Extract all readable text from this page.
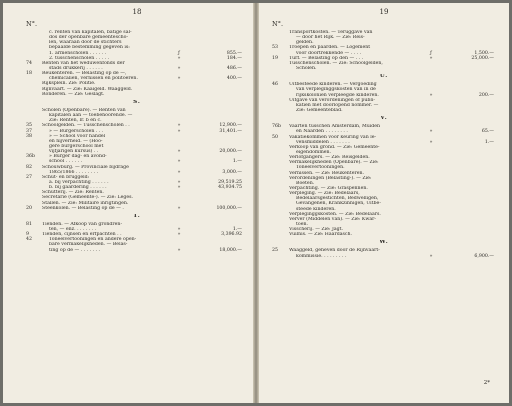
18
N°.
c. renten van kapitalen, batige sal-
dos der openbare gemeentescho-
len, waaraan door de stichters
bepaalde bestemming gegeven is:
1. armenscholen . . . . . .	ƒ	855.—
2. tusschenscholen . . . . .	»	184.—
74	Renten van het weduwenfonds der
stads drukkerij . . . . . .	»	486.—
18	Reukenteren. — Belasting op de —,
chemicaliën, vernissen en politoeren.	»	400.—
Rijksplein. Zie: Politie.
Rijnvaart. — Zie: Kaaigeld. Waaggeld.
Ronderen. — Zie: Geslagt.
S.
Scholen (Openbare). — Renten van
kapitalen aan — toebehoorende. —
Zie: Renten, lr. b en c.
35	Schoolgelden. — Tusschenscholen . .	»	12,900.—
37	» — Burgerscholen . . .	»	31,401.—
38	» — School voor handel
en nijverheid. — (Hoo-
gere burgerschool met
vijfjarigen kursus) . .	»	20,000.—
36b	» Burger dag- en avond-
school . . . . . .	»	1.—
82	Schouwburg. — Provinciale bijdrage
1865/1866 . . . . . . . .	»	3,000.—
27	Schut- en bruggeld:
a. bij verpachting . . . . . .	»	29,519.25
b. bij gaardering . . . . . .	»	43,934.75
Schutterij. — Zie: Renten.
Secretarie (Gemeente-). — Zie: Leges.
Stallen. — Zie: Militaire inrigtingen.
20	Steenkolen. — Belasting op de — .	»	100,000.—
T.
81	Tienden. — Afkoop van grondren-
ten, — enz. . . . . . . .	»	1.—
9	Tienden, cijnsen en erfpachten . .	»	3,396.92
42	Toneelvertooningen en andere open-
bare vermakelijkheden. — Belas-
ting op de — . . . . . . .	»	18,000.—
19
N°.
Transportkosten. — Teruggave van
— door het Rijk. — Zie: Reis-
gelden.
53	Troepen en paarden. — Logement
voor doortrekkende — . . . .	ƒ	1,500.—
19	Turf. — Belasting op den — . . .	»	25,000.—
Tusschenscholen. — Zie: Schoolgelden,
Scholen.
U.
46	Uitbesteede kinderen. — Vergoeding
van verpleginggskosten van in de
rijkskolonien verpleegde kinderen.	»	200.—
Uitgave van verordeningen of publi-
katiën met doorlopend nommer. —
Zie: Gemeenteblad.
V.
76b	Vaarten tusschen Amsterdam, Muiden
en Naarden . . . . . . . .	»	65.—
50	Vakatiekommen voor keuring van le-
vensmiddelen . . . . . . .	»	1.—
Verkoop van grond. — Zie: Gemeente-
eigendommen.
Verlofgangers. — Zie: Reisgelden.
Vermakelijkheden (Openbare). — Zie:
Toneelvertooningen.
Vernissen. — Zie: Reukenteren.
Verordeningen (Belasting-). — Zie:
Boeten.
Verpachting. — Zie: Graspennen.
Verpleging. — Zie: Bedelaars,
Bedelaarsgestichten, Bedwelligen,
Gevangenen, Krankzinnigen, Uitbe-
steede kinderen.
Verpleginggskosten. — Zie: Bedelaars.
Verver (Middelen van). — Zie: Kwar-
toen.
Visscherij. — Zie: Jagt.
Vuilnis. — Zie: Haardasch.
W.
25	Waaggeld, geheven door de Rijnvaart-
kommissie. . . . . . . . .	»	6,900.—
2*
